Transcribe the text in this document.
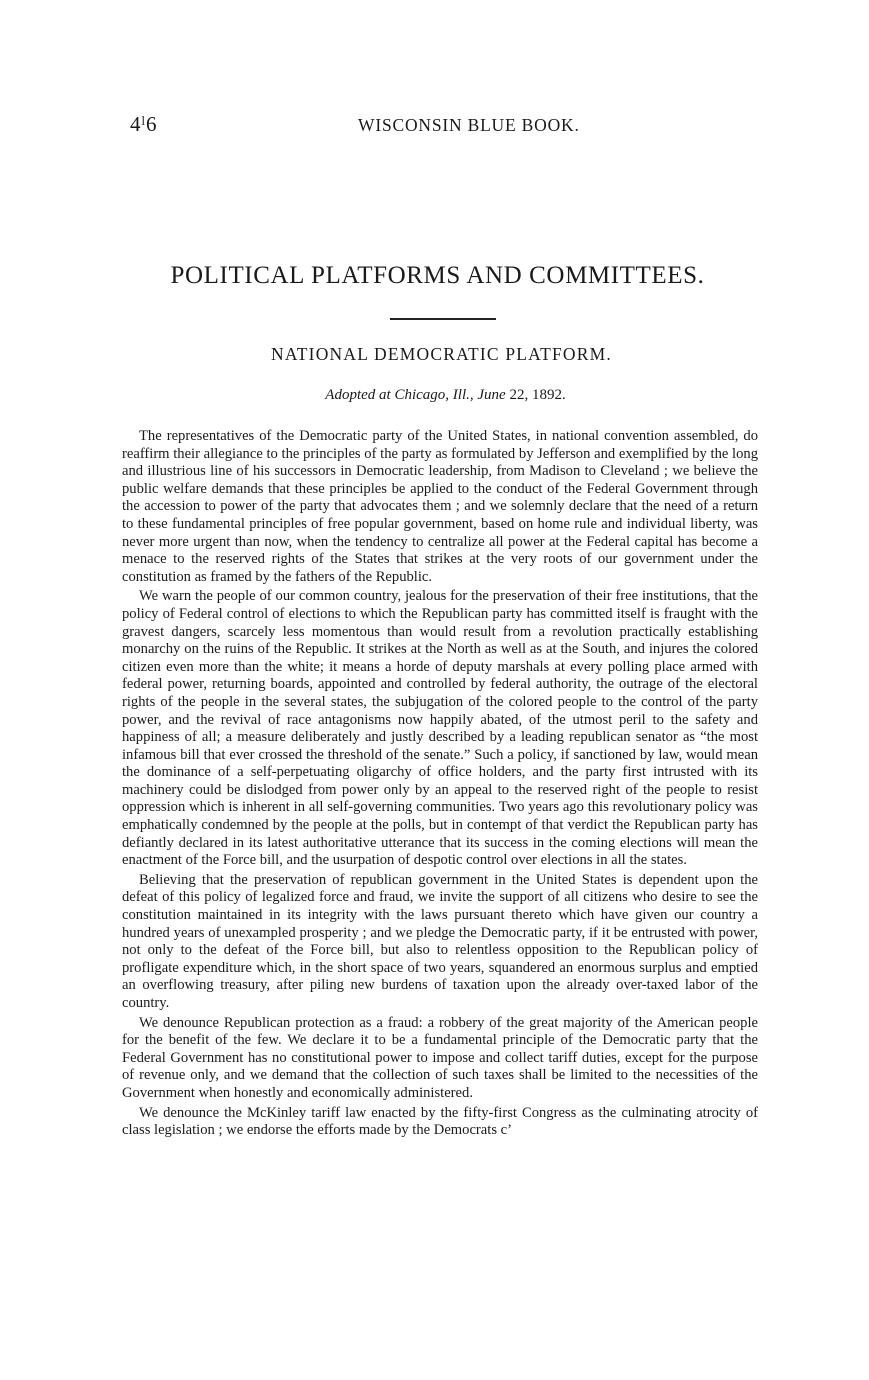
4ˡ6	WISCONSIN BLUE BOOK.
POLITICAL PLATFORMS AND COMMITTEES.
NATIONAL DEMOCRATIC PLATFORM.
Adopted at Chicago, Ill., June 22, 1892.

The representatives of the Democratic party of the United States, in national convention assembled, do reaffirm their allegiance to the principles of the party as formulated by Jefferson and exemplified by the long and illustrious line of his successors in Democratic leadership, from Madison to Cleveland ; we believe the public welfare demands that these principles be applied to the conduct of the Federal Government through the accession to power of the party that advocates them ; and we solemnly declare that the need of a return to these fundamental principles of free popular government, based on home rule and individual liberty, was never more urgent than now, when the tendency to centralize all power at the Federal capital has become a menace to the reserved rights of the States that strikes at the very roots of our government under the constitution as framed by the fathers of the Republic.

We warn the people of our common country, jealous for the preservation of their free institutions, that the policy of Federal control of elections to which the Republican party has committed itself is fraught with the gravest dangers, scarcely less momentous than would result from a revolution practically establishing monarchy on the ruins of the Republic. It strikes at the North as well as at the South, and injures the colored citizen even more than the white; it means a horde of deputy marshals at every polling place armed with federal power, returning boards, appointed and controlled by federal authority, the outrage of the electoral rights of the people in the several states, the subjugation of the colored people to the control of the party power, and the revival of race antagonisms now happily abated, of the utmost peril to the safety and happiness of all; a measure deliberately and justly described by a leading republican senator as “the most infamous bill that ever crossed the threshold of the senate.” Such a policy, if sanctioned by law, would mean the dominance of a self-perpetuating oligarchy of office holders, and the party first intrusted with its machinery could be dislodged from power only by an appeal to the reserved right of the people to resist oppression which is inherent in all self-governing communities. Two years ago this revolutionary policy was emphatically condemned by the people at the polls, but in contempt of that verdict the Republican party has defiantly declared in its latest authoritative utterance that its success in the coming elections will mean the enactment of the Force bill, and the usurpation of despotic control over elections in all the states.

Believing that the preservation of republican government in the United States is dependent upon the defeat of this policy of legalized force and fraud, we invite the support of all citizens who desire to see the constitution maintained in its integrity with the laws pursuant thereto which have given our country a hundred years of unexampled prosperity ; and we pledge the Democratic party, if it be entrusted with power, not only to the defeat of the Force bill, but also to relentless opposition to the Republican policy of profligate expenditure which, in the short space of two years, squandered an enormous surplus and emptied an overflowing treasury, after piling new burdens of taxation upon the already over-taxed labor of the country.

We denounce Republican protection as a fraud: a robbery of the great majority of the American people for the benefit of the few. We declare it to be a fundamental principle of the Democratic party that the Federal Government has no constitutional power to impose and collect tariff duties, except for the purpose of revenue only, and we demand that the collection of such taxes shall be limited to the necessities of the Government when honestly and economically administered.

We denounce the McKinley tariff law enacted by the fifty-first Congress as the culminating atrocity of class legislation ; we endorse the efforts made by the Democrats c’
